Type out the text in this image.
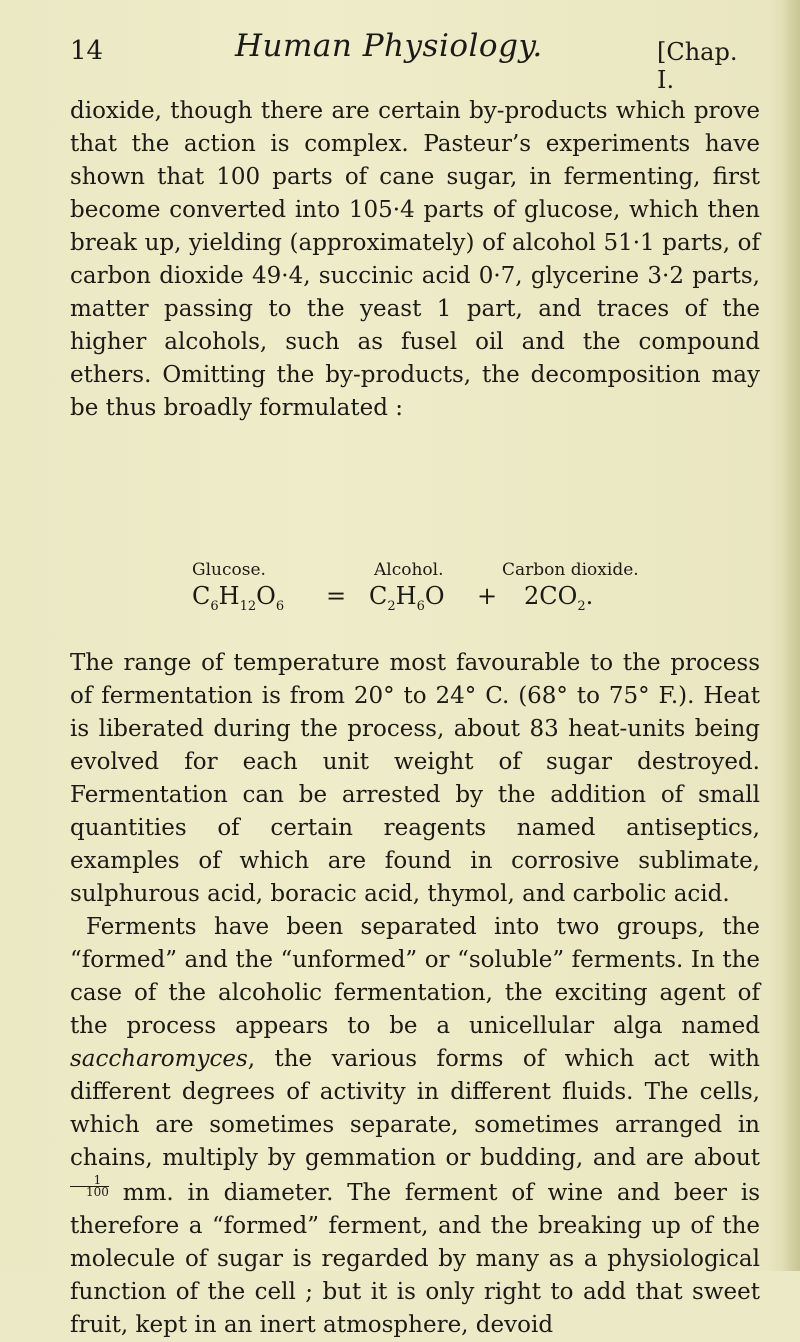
14	Human Physiology.	[Chap. I.

dioxide, though there are certain by-products which prove that the action is complex. Pasteur’s experiments have shown that 100 parts of cane sugar, in fermenting, first become converted into 105·4 parts of glucose, which then break up, yielding (approximately) of alcohol 51·1 parts, of carbon dioxide 49·4, succinic acid 0·7, glycerine 3·2 parts, matter passing to the yeast 1 part, and traces of the higher alcohols, such as fusel oil and the compound ethers. Omitting the by-products, the decomposition may be thus broadly formulated :

Glucose.	Alcohol.	Carbon dioxide.
$C_6H_{12}O_6 = C_2H_6O + 2CO_2$.

The range of temperature most favourable to the process of fermentation is from 20° to 24° C. (68° to 75° F.). Heat is liberated during the process, about 83 heat-units being evolved for each unit weight of sugar destroyed. Fermentation can be arrested by the addition of small quantities of certain reagents named antiseptics, examples of which are found in corrosive sublimate, sulphurous acid, boracic acid, thymol, and carbolic acid.

Ferments have been separated into two groups, the “formed” and the “unformed” or “soluble” ferments. In the case of the alcoholic fermentation, the exciting agent of the process appears to be a unicellular alga named saccharomyces, the various forms of which act with different degrees of activity in different fluids. The cells, which are sometimes separate, sometimes arranged in chains, multiply by gemmation or budding, and are about
$\frac{1}{100}$ mm. in diameter. The ferment of wine and beer is therefore a “formed” ferment, and the breaking up of the molecule of sugar is regarded by many as a physiological function of the cell ; but it is only right to add that sweet fruit, kept in an inert atmosphere, devoid
